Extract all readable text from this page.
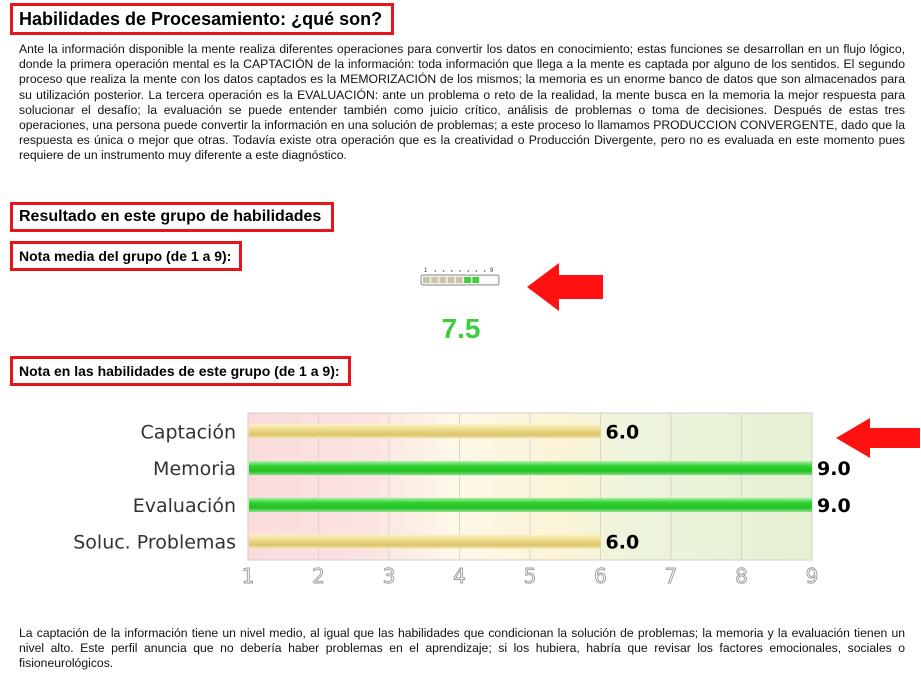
Habilidades de Procesamiento: ¿qué son?

Ante la información disponible la mente realiza diferentes operaciones para convertir los datos en conocimiento; estas funciones se desarrollan en un flujo lógico, donde la primera operación mental es la CAPTACIÓN de la información: toda información que llega a la mente es captada por alguno de los sentidos. El segundo proceso que realiza la mente con los datos captados es la MEMORIZACIÓN de los mismos; la memoria es un enorme banco de datos que son almacenados para su utilización posterior. La tercera operación es la EVALUACIÓN: ante un problema o reto de la realidad, la mente busca en la memoria la mejor respuesta para solucionar el desafío; la evaluación se puede entender también como juicio crítico, análisis de problemas o toma de decisiones. Después de estas tres operaciones, una persona puede convertir la información en una solución de problemas; a este proceso lo llamamos PRODUCCION CONVERGENTE, dado que la respuesta es única o mejor que otras. Todavía existe otra operación que es la creatividad o Producción Divergente, pero no es evaluada en este momento pues requiere de un instrumento muy diferente a este diagnóstico.

Resultado en este grupo de habilidades
Nota media del grupo (de 1 a 9):
1	9
7.5
Nota en las habilidades de este grupo (de 1 a 9):
Captación	6.0
Memoria	9.0
Evaluación	9.0
Soluc. Problemas	6.0
1	2	3	4	5	6	7	8	9

La captación de la información tiene un nivel medio, al igual que las habilidades que condicionan la solución de problemas; la memoria y la evaluación tienen un nivel alto. Este perfil anuncia que no debería haber problemas en el aprendizaje; si los hubiera, habría que revisar los factores emocionales, sociales o fisioneurológicos.
